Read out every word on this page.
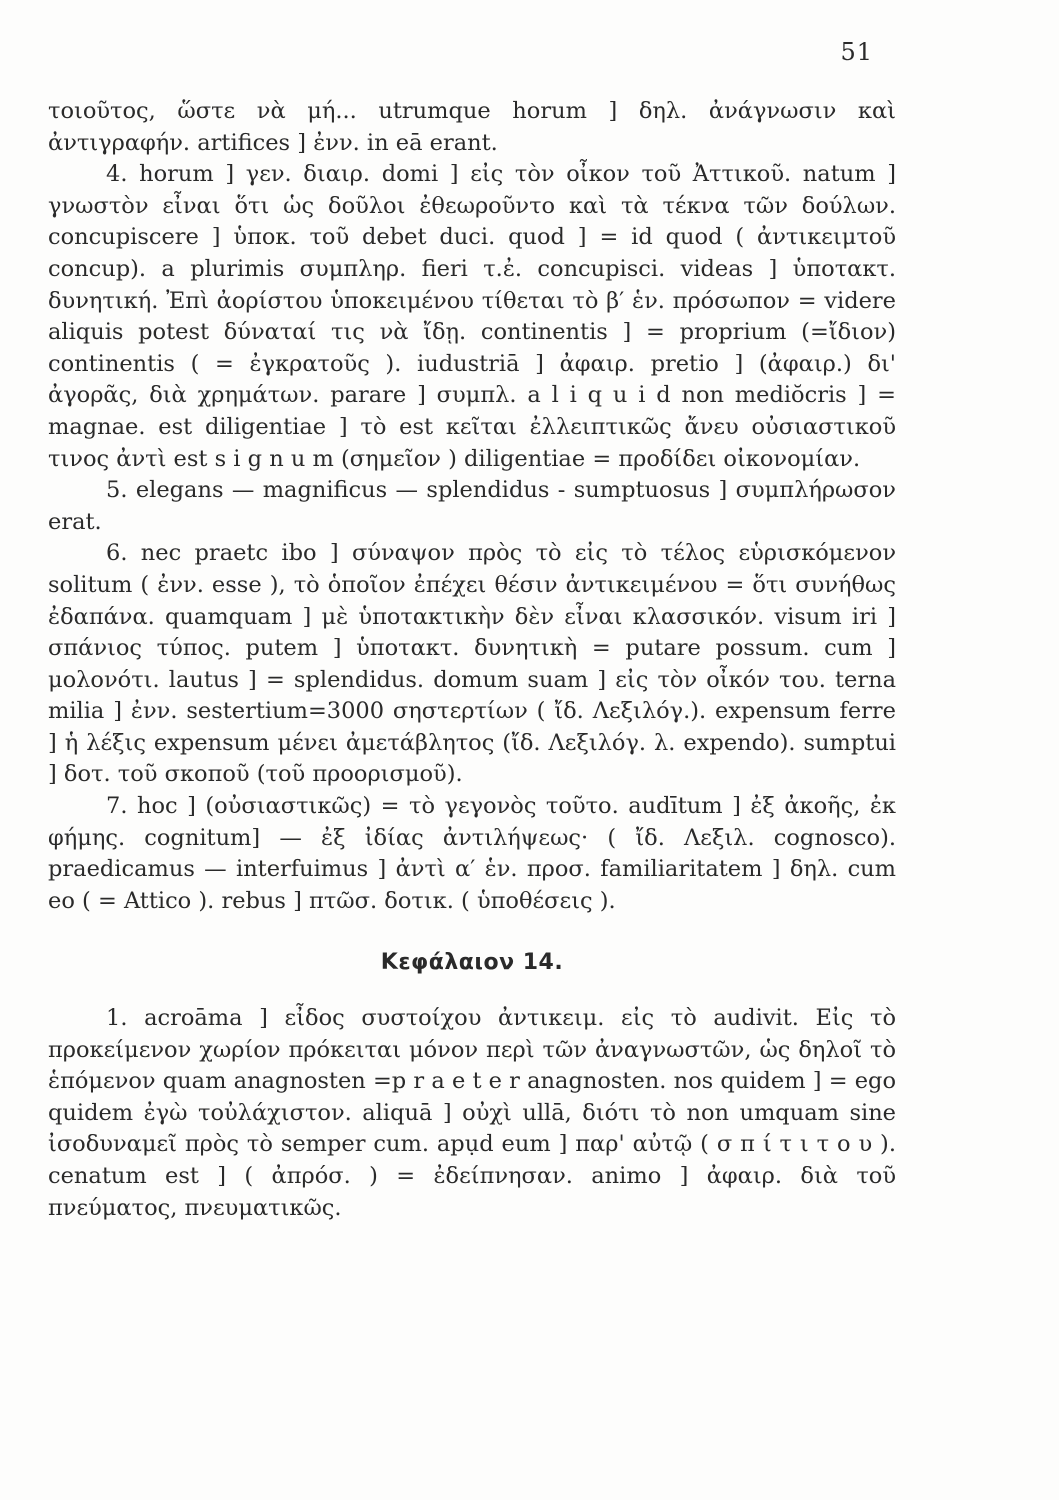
51

τοιοῦτος, ὥστε νὰ μή... utrumque horum ] δηλ. ἀνάγνωσιν καὶ ἀντιγραφήν. artifices ] ἐνν. in eā erant.

4. horum ] γεν. διαιρ. domi ] εἰς τὸν οἶκον τοῦ Ἀττικοῦ. natum ] γνωστὸν εἶναι ὅτι ὡς δοῦλοι ἐθεωροῦντο καὶ τὰ τέκνα τῶν δούλων. concupiscere ] ὑποκ. τοῦ debet duci. quod ] = id quod ( ἀντικειμτοῦ concup). a plurimis συμπληρ. fieri τ.ἐ. concupisci. videas ] ὑποτακτ. δυνητική. Ἐπὶ ἀορίστου ὑποκειμένου τίθεται τὸ β′ ἑν. πρόσωπον = videre aliquis potest δύναταί τις νὰ ἴδῃ. continentis ] = proprium (=ἴδιον) continentis ( = ἐγκρατοῦς ). iudustriā ] ἀφαιρ. pretio ] (ἀφαιρ.) δι' ἀγορᾶς, διὰ χρημάτων. parare ] συμπλ. a l i q u i d non mediŏcris ] = magnae. est diligentiae ] τὸ est κεῖται ἐλλειπτικῶς ἄνευ οὐσιαστικοῦ τινος ἀντὶ est s i g n u m (σημεῖον ) diligentiae = προδίδει οἰκονομίαν.

5. elegans — magnificus — splendidus - sumptuosus ] συμπλήρωσον erat.

6. nec praetc ibo ] σύναψον πρὸς τὸ εἰς τὸ τέλος εὑρισκόμενον solitum ( ἐνν. esse ), τὸ ὁποῖον ἐπέχει θέσιν ἀντικειμένου = ὅτι συνήθως ἐδαπάνα. quamquam ] μὲ ὑποτακτικὴν δὲν εἶναι κλασσικόν. visum iri ] σπάνιος τύπος. putem ] ὑποτακτ. δυνητικὴ = putare possum. cum ] μολονότι. lautus ] = splendidus. domum suam ] εἰς τὸν οἶκόν του. terna milia ] ἐνν. sestertium=3000 σηστερτίων ( ἴδ. Λεξιλόγ.). expensum ferre ] ἡ λέξις expensum μένει ἀμετάβλητος (ἴδ. Λεξιλόγ. λ. expendo). sumptui ] δοτ. τοῦ σκοποῦ (τοῦ προορισμοῦ).

7. hoc ] (οὐσιαστικῶς) = τὸ γεγονὸς τοῦτο. audītum ] ἐξ ἀκοῆς, ἐκ φήμης. cognitum] — ἐξ ἰδίας ἀντιλήψεως· ( ἴδ. Λεξιλ. cognosco). praedicamus — interfuimus ] ἀντὶ α′ ἑν. προσ. familiaritatem ] δηλ. cum eo ( = Attico ). rebus ] πτῶσ. δοτικ. ( ὑποθέσεις ).

Κεφάλαιον 14.

1. acroāma ] εἶδος συστοίχου ἀντικειμ. εἰς τὸ audivit. Εἰς τὸ προκείμενον χωρίον πρόκειται μόνον περὶ τῶν ἀναγνωστῶν, ὡς δηλοῖ τὸ ἑπόμενον quam anagnosten =p r a e t e r anagnosten. nos quidem ] = ego quidem ἐγὼ τοὐλάχιστον. aliquā ] οὐχὶ ullā, διότι τὸ non umquam sine ἰσοδυναμεῖ πρὸς τὸ semper cum. apụd eum ] παρ' αὐτῷ ( σ π ί τ ι τ ο υ ). cenatum est ] ( ἀπρόσ. ) = ἐδείπνησαν. animo ] ἀφαιρ. διὰ τοῦ πνεύματος, πνευματικῶς.
